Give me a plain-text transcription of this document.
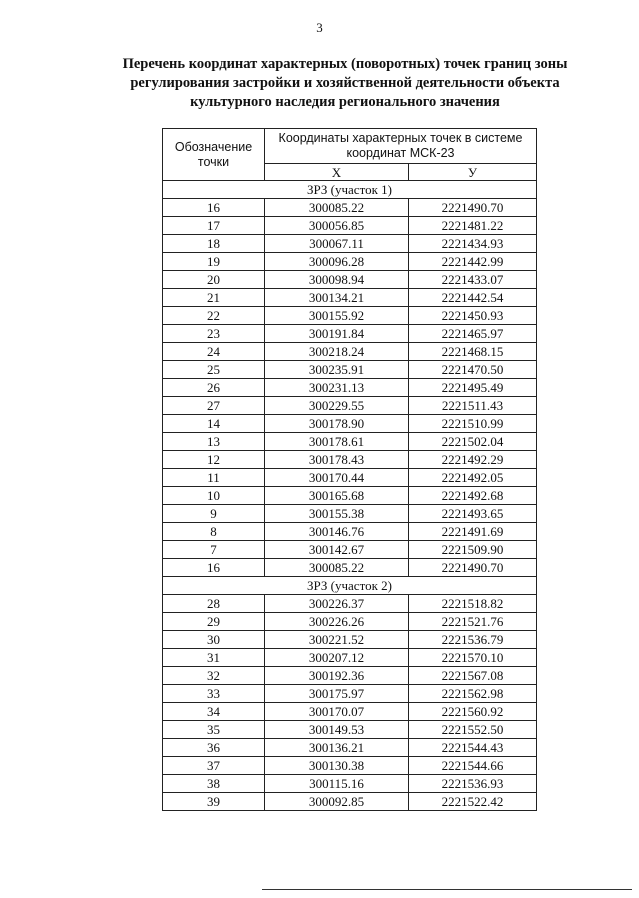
3
Перечень координат характерных (поворотных) точек границ зоны регулирования застройки и хозяйственной деятельности объекта культурного наследия регионального значения
Обозначение точки	Координаты характерных точек в системе координат МСК-23	
	X	У
ЗРЗ (участок 1)		
16	300085.22	2221490.70
17	300056.85	2221481.22
18	300067.11	2221434.93
19	300096.28	2221442.99
20	300098.94	2221433.07
21	300134.21	2221442.54
22	300155.92	2221450.93
23	300191.84	2221465.97
24	300218.24	2221468.15
25	300235.91	2221470.50
26	300231.13	2221495.49
27	300229.55	2221511.43
14	300178.90	2221510.99
13	300178.61	2221502.04
12	300178.43	2221492.29
11	300170.44	2221492.05
10	300165.68	2221492.68
9	300155.38	2221493.65
8	300146.76	2221491.69
7	300142.67	2221509.90
16	300085.22	2221490.70
ЗРЗ (участок 2)		
28	300226.37	2221518.82
29	300226.26	2221521.76
30	300221.52	2221536.79
31	300207.12	2221570.10
32	300192.36	2221567.08
33	300175.97	2221562.98
34	300170.07	2221560.92
35	300149.53	2221552.50
36	300136.21	2221544.43
37	300130.38	2221544.66
38	300115.16	2221536.93
39	300092.85	2221522.42
